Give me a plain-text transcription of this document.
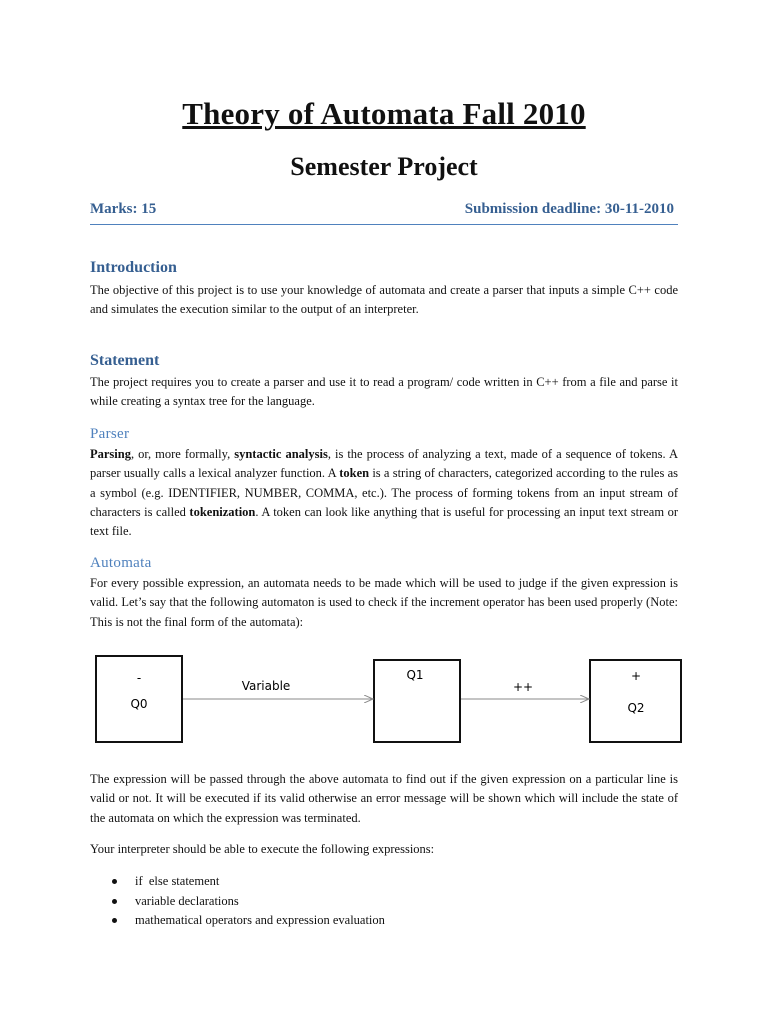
Theory of Automata Fall 2010
Semester Project
Marks: 15	Submission deadline: 30-11-2010
Introduction
The objective of this project is to use your knowledge of automata and create a parser that inputs a simple C++ code and simulates the execution similar to the output of an interpreter.
Statement
The project requires you to create a parser and use it to read a program/ code written in C++ from a file and parse it while creating a syntax tree for the language.
Parser
Parsing, or, more formally, syntactic analysis, is the process of analyzing a text, made of a sequence of tokens. A parser usually calls a lexical analyzer function. A token is a string of characters, categorized according to the rules as a symbol (e.g. IDENTIFIER, NUMBER, COMMA, etc.). The process of forming tokens from an input stream of characters is called tokenization. A token can look like anything that is useful for processing an input text stream or text file.
Automata
For every possible expression, an automata needs to be made which will be used to judge if the given expression is valid. Let’s say that the following automaton is used to check if the increment operator has been used properly (Note: This is not the final form of the automata):
-
Q0
Q1	+
Q2
Variable	++
The expression will be passed through the above automata to find out if the given expression on a particular line is valid or not. It will be executed if its valid otherwise an error message will be shown which will include the state of the automata on which the expression was terminated.
Your interpreter should be able to execute the following expressions:
if  else statement
variable declarations
mathematical operators and expression evaluation
